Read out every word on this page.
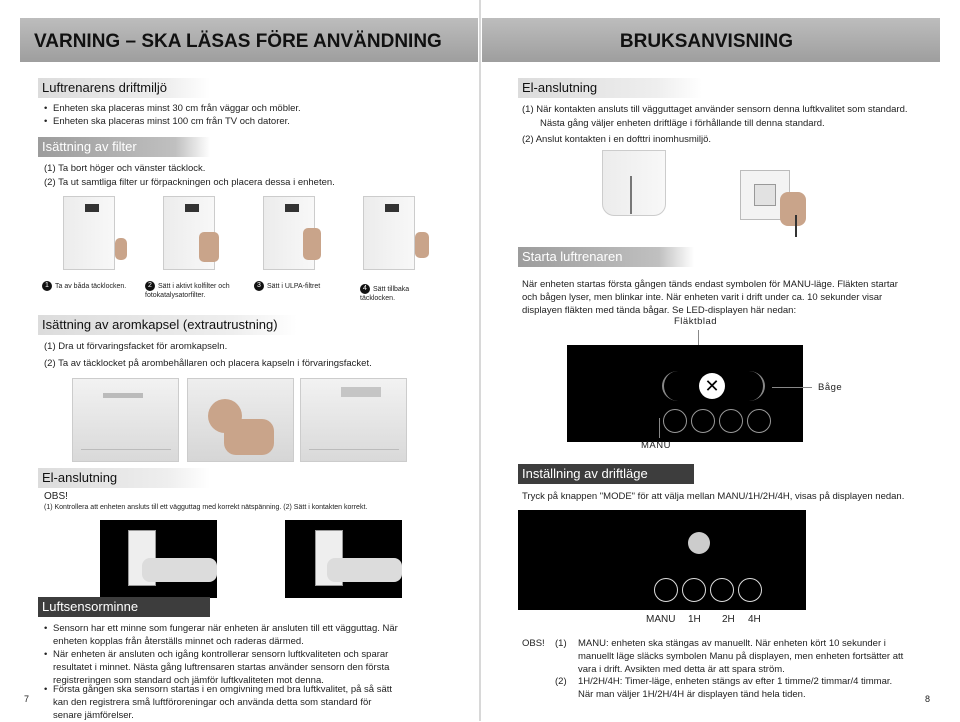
VARNING – SKA LÄSAS FÖRE ANVÄNDNING
Luftrenarens driftmiljö
• Enheten ska placeras minst 30 cm från väggar och möbler.
• Enheten ska placeras minst 100 cm från TV och datorer.
Isättning av filter
(1) Ta bort höger och vänster täcklock.
(2) Ta ut samtliga filter ur förpackningen och placera dessa i enheten.
1 Ta av båda täcklocken.	2 Sätt i aktivt kolfilter och fotokatalysatorfilter.
3 Sätt i ULPA-filtret	4 Sätt tillbaka täcklocken.
Isättning av aromkapsel (extrautrustning)
(1) Dra ut förvaringsfacket för aromkapseln.
(2) Ta av täcklocket på arombehållaren och placera kapseln i förvaringsfacket.
El-anslutning
OBS!
(1) Kontrollera att enheten ansluts till ett vägguttag med korrekt nätspänning. (2) Sätt i kontakten korrekt.
Luftsensorminne
• Sensorn har ett minne som fungerar när enheten är ansluten till ett vägguttag. När enheten kopplas från återställs minnet och raderas därmed.
• När enheten är ansluten och igång kontrollerar sensorn luftkvaliteten och sparar resultatet i minnet. Nästa gång luftrensaren startas använder sensorn den första registreringen som standard och jämför luftkvaliteten mot denna.
• Första gången ska sensorn startas i en omgivning med bra luftkvalitet, på så sätt kan den registrera små luftföroreningar och använda detta som standard för senare jämförelser.
7
BRUKSANVISNING
El-anslutning
(1) När kontakten ansluts till vägguttaget använder sensorn denna luftkvalitet som standard.
Nästa gång väljer enheten driftläge i förhållande till denna standard.
(2) Anslut kontakten i en dofttri inomhusmiljö.
Starta luftrenaren
När enheten startas första gången tänds endast symbolen för MANU-läge. Fläkten startar och bågen lyser, men blinkar inte. När enheten varit i drift under ca. 10 sekunder visar displayen fläkten med tända bågar. Se LED-displayen här nedan:
Fläktblad
✕	Båge
MANU
Inställning av driftläge
Tryck på knappen "MODE" för att välja mellan MANU/1H/2H/4H, visas på displayen nedan.
MANU 1H 2H 4H
OBS! (1) MANU: enheten ska stängas av manuellt. När enheten kört 10 sekunder i manuellt läge släcks symbolen Manu på displayen, men enheten fortsätter att vara i drift. Avsikten med detta är att spara ström.
(2) 1H/2H/4H: Timer-läge, enheten stängs av efter 1 timme/2 timmar/4 timmar. När man väljer 1H/2H/4H är displayen tänd hela tiden.	8
